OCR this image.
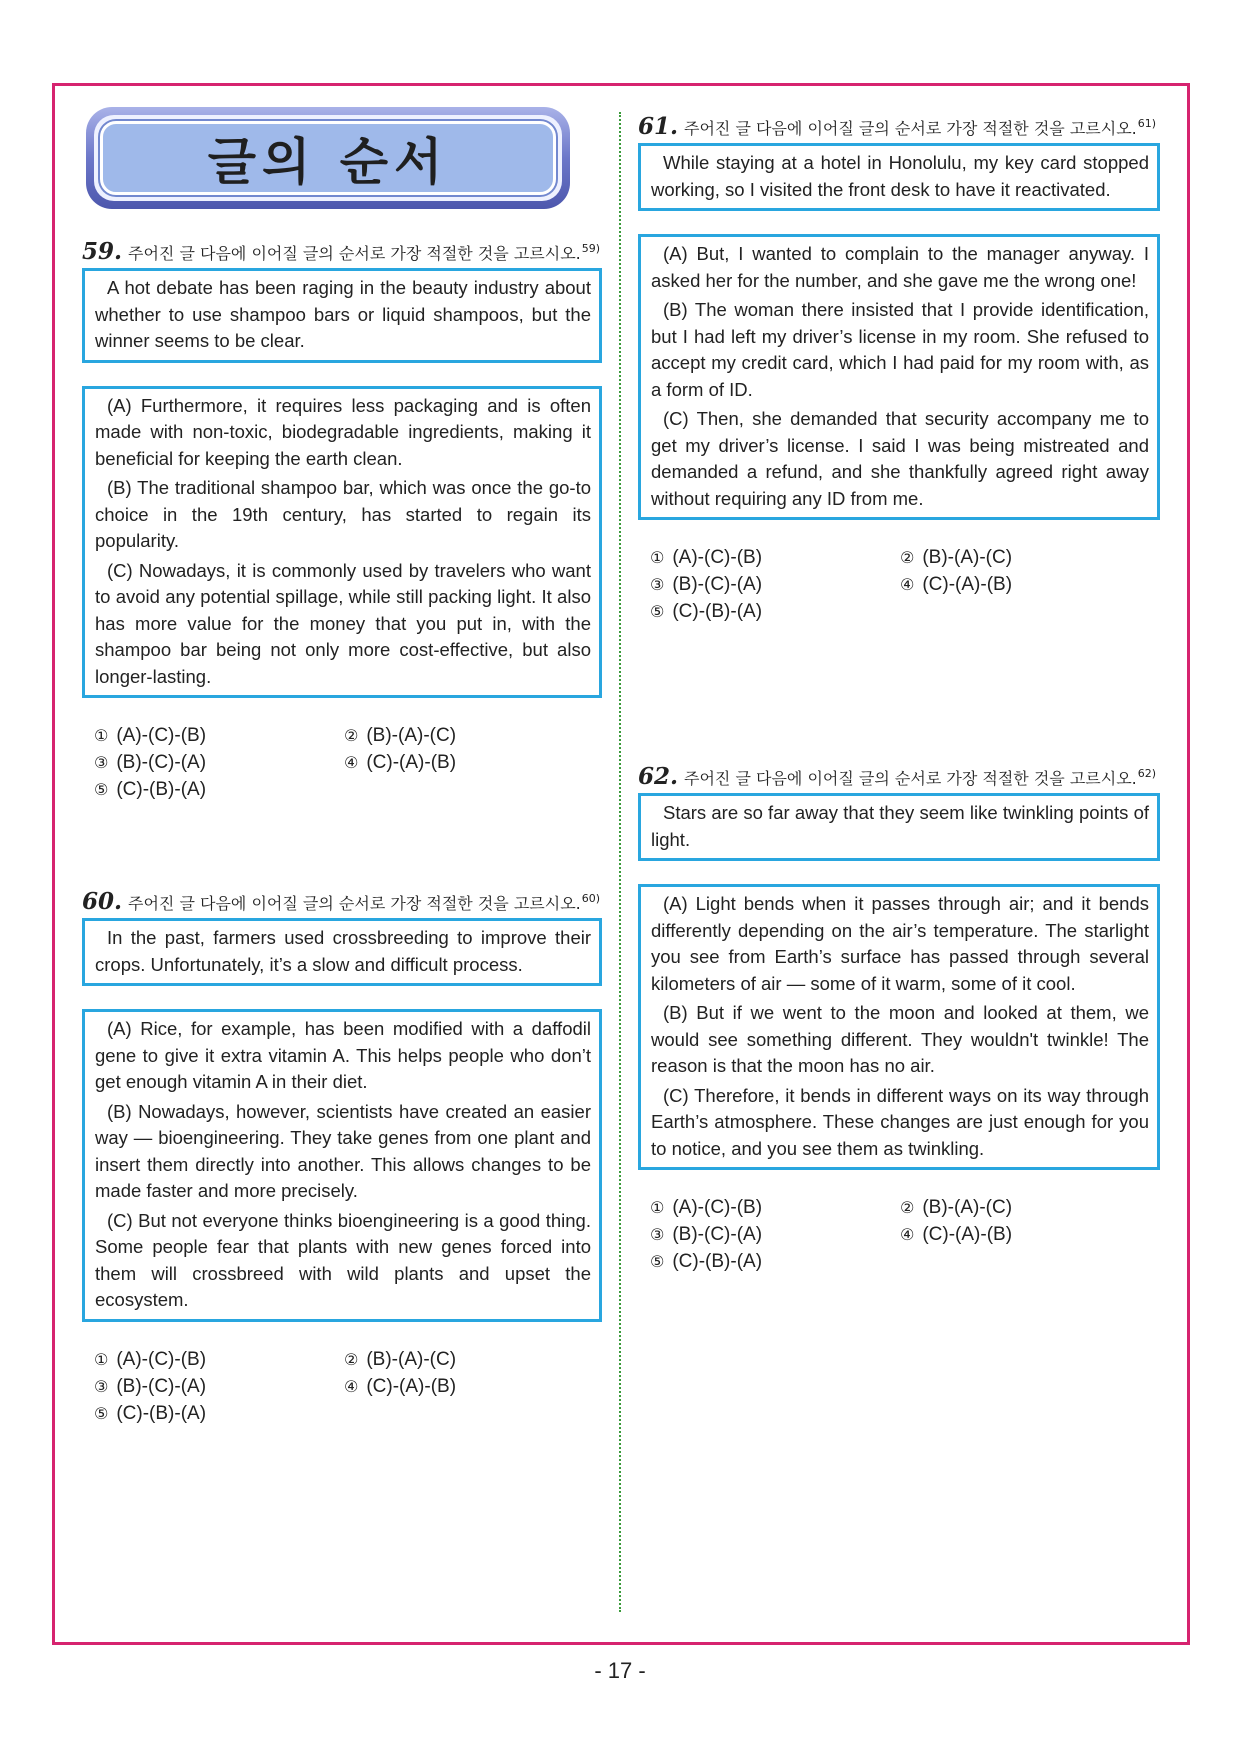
글의 순서
59. 주어진 글 다음에 이어질 글의 순서로 가장 적절한 것을 고르시오. 59)

A hot debate has been raging in the beauty industry about whether to use shampoo bars or liquid shampoos, but the winner seems to be clear.

(A) Furthermore, it requires less packaging and is often made with non-toxic, biodegradable ingredients, making it beneficial for keeping the earth clean.

(B) The traditional shampoo bar, which was once the go-to choice in the 19th century, has started to regain its popularity.

(C) Nowadays, it is commonly used by travelers who want to avoid any potential spillage, while still packing light. It also has more value for the money that you put in, with the shampoo bar being not only more cost-effective, but also longer-lasting.

① (A)-(C)-(B)	② (B)-(A)-(C)
③ (B)-(C)-(A)	④ (C)-(A)-(B)
⑤ (C)-(B)-(A)
60. 주어진 글 다음에 이어질 글의 순서로 가장 적절한 것을 고르시오. 60)

In the past, farmers used crossbreeding to improve their crops. Unfortunately, it’s a slow and difficult process.

(A) Rice, for example, has been modified with a daffodil gene to give it extra vitamin A. This helps people who don’t get enough vitamin A in their diet.

(B) Nowadays, however, scientists have created an easier way — bioengineering. They take genes from one plant and insert them directly into another. This allows changes to be made faster and more precisely.

(C) But not everyone thinks bioengineering is a good thing. Some people fear that plants with new genes forced into them will crossbreed with wild plants and upset the ecosystem.

① (A)-(C)-(B)	② (B)-(A)-(C)
③ (B)-(C)-(A)	④ (C)-(A)-(B)
⑤ (C)-(B)-(A)
61. 주어진 글 다음에 이어질 글의 순서로 가장 적절한 것을 고르시오. 61)

While staying at a hotel in Honolulu, my key card stopped working, so I visited the front desk to have it reactivated.

(A) But, I wanted to complain to the manager anyway. I asked her for the number, and she gave me the wrong one!

(B) The woman there insisted that I provide identification, but I had left my driver’s license in my room. She refused to accept my credit card, which I had paid for my room with, as a form of ID.

(C) Then, she demanded that security accompany me to get my driver’s license. I said I was being mistreated and demanded a refund, and she thankfully agreed right away without requiring any ID from me.

① (A)-(C)-(B)	② (B)-(A)-(C)
③ (B)-(C)-(A)	④ (C)-(A)-(B)
⑤ (C)-(B)-(A)
62. 주어진 글 다음에 이어질 글의 순서로 가장 적절한 것을 고르시오. 62)

Stars are so far away that they seem like twinkling points of light.

(A) Light bends when it passes through air; and it bends differently depending on the air’s temperature. The starlight you see from Earth’s surface has passed through several kilometers of air — some of it warm, some of it cool.

(B) But if we went to the moon and looked at them, we would see something different. They wouldn't twinkle! The reason is that the moon has no air.

(C) Therefore, it bends in different ways on its way through Earth’s atmosphere. These changes are just enough for you to notice, and you see them as twinkling.

① (A)-(C)-(B)	② (B)-(A)-(C)
③ (B)-(C)-(A)	④ (C)-(A)-(B)
⑤ (C)-(B)-(A)
- 17 -
